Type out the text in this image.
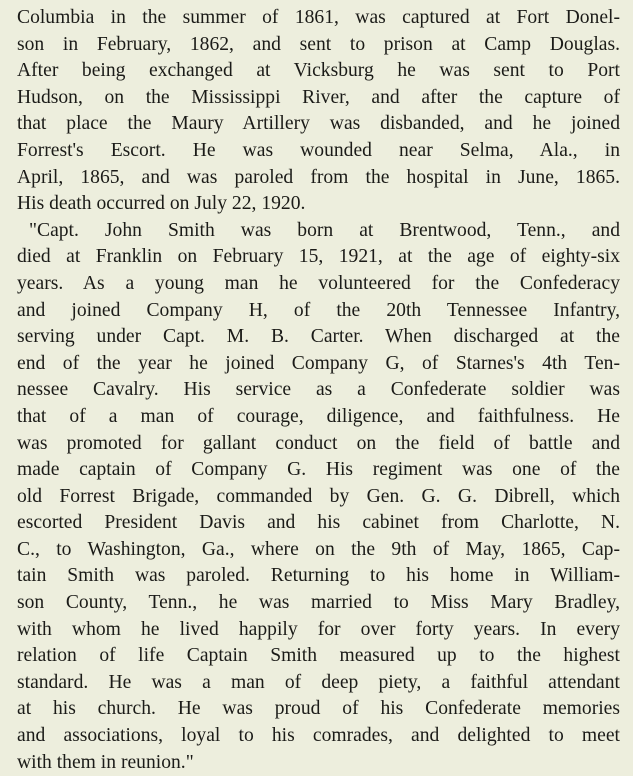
Columbia in the summer of 1861, was captured at Fort Donel-
son in February, 1862, and sent to prison at Camp Douglas.
After being exchanged at Vicksburg he was sent to Port
Hudson, on the Mississippi River, and after the capture of
that place the Maury Artillery was disbanded, and he joined
Forrest's Escort. He was wounded near Selma, Ala., in
April, 1865, and was paroled from the hospital in June, 1865.
His death occurred on July 22, 1920.
"Capt. John Smith was born at Brentwood, Tenn., and
died at Franklin on February 15, 1921, at the age of eighty-six
years. As a young man he volunteered for the Confederacy
and joined Company H, of the 20th Tennessee Infantry,
serving under Capt. M. B. Carter. When discharged at the
end of the year he joined Company G, of Starnes's 4th Ten-
nessee Cavalry. His service as a Confederate soldier was
that of a man of courage, diligence, and faithfulness. He
was promoted for gallant conduct on the field of battle and
made captain of Company G. His regiment was one of the
old Forrest Brigade, commanded by Gen. G. G. Dibrell, which
escorted President Davis and his cabinet from Charlotte, N.
C., to Washington, Ga., where on the 9th of May, 1865, Cap-
tain Smith was paroled. Returning to his home in William-
son County, Tenn., he was married to Miss Mary Bradley,
with whom he lived happily for over forty years. In every
relation of life Captain Smith measured up to the highest
standard. He was a man of deep piety, a faithful attendant
at his church. He was proud of his Confederate memories
and associations, loyal to his comrades, and delighted to meet
with them in reunion."
